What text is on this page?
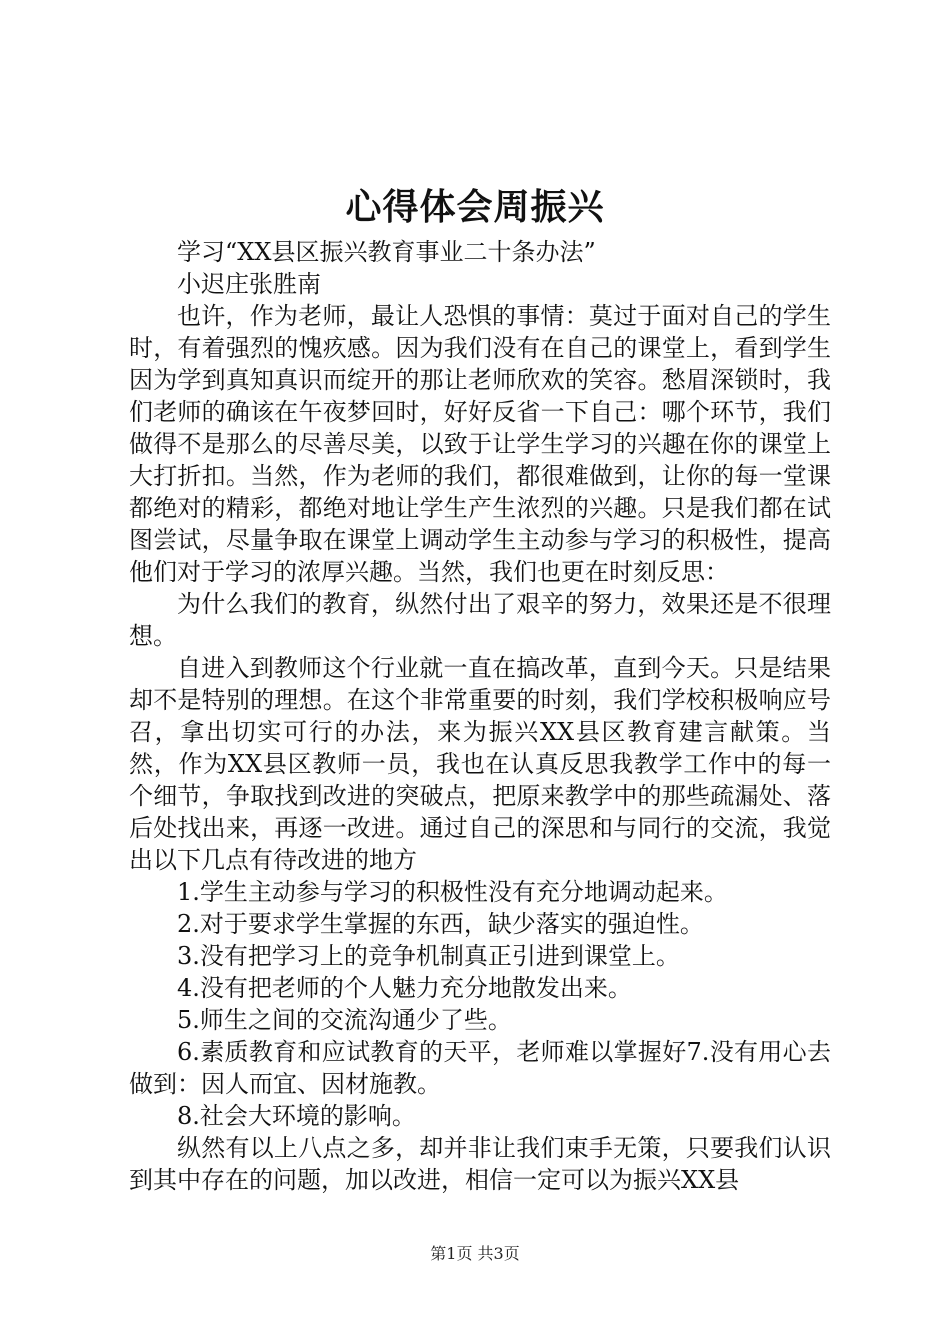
心得体会周振兴

学习“XX县区振兴教育事业二十条办法”

小迟庄张胜南

也许，作为老师，最让人恐惧的事情：莫过于面对自己的学生时，有着强烈的愧疚感。因为我们没有在自己的课堂上，看到学生因为学到真知真识而绽开的那让老师欣欢的笑容。愁眉深锁时，我们老师的确该在午夜梦回时，好好反省一下自己：哪个环节，我们做得不是那么的尽善尽美，以致于让学生学习的兴趣在你的课堂上大打折扣。当然，作为老师的我们，都很难做到，让你的每一堂课都绝对的精彩，都绝对地让学生产生浓烈的兴趣。只是我们都在试图尝试，尽量争取在课堂上调动学生主动参与学习的积极性，提高他们对于学习的浓厚兴趣。当然，我们也更在时刻反思：

为什么我们的教育，纵然付出了艰辛的努力，效果还是不很理想。

自进入到教师这个行业就一直在搞改革，直到今天。只是结果却不是特别的理想。在这个非常重要的时刻，我们学校积极响应号召，拿出切实可行的办法，来为振兴XX县区教育建言献策。当然，作为XX县区教师一员，我也在认真反思我教学工作中的每一个细节，争取找到改进的突破点，把原来教学中的那些疏漏处、落后处找出来，再逐一改进。通过自己的深思和与同行的交流，我觉出以下几点有待改进的地方

1.学生主动参与学习的积极性没有充分地调动起来。

2.对于要求学生掌握的东西，缺少落实的强迫性。

3.没有把学习上的竞争机制真正引进到课堂上。

4.没有把老师的个人魅力充分地散发出来。

5.师生之间的交流沟通少了些。

6.素质教育和应试教育的天平，老师难以掌握好7.没有用心去做到：因人而宜、因材施教。

8.社会大环境的影响。

纵然有以上八点之多，却并非让我们束手无策，只要我们认识到其中存在的问题，加以改进，相信一定可以为振兴XX县

第1页 共3页
